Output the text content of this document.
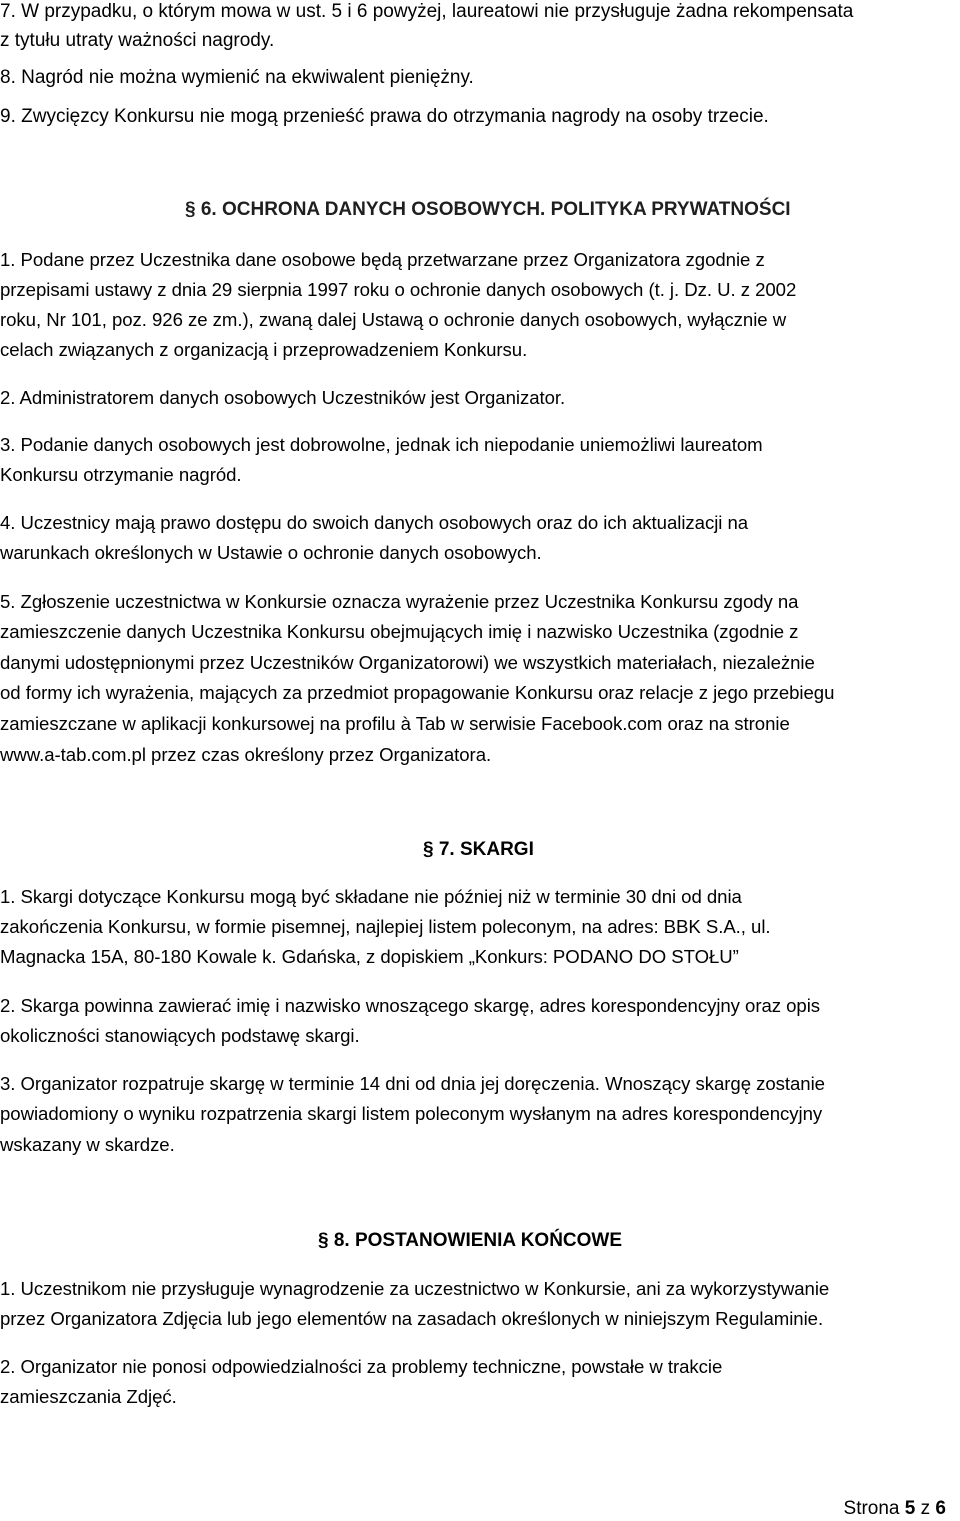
7. W przypadku, o którym mowa w ust. 5 i 6 powyżej, laureatowi nie przysługuje żadna rekompensata
z tytułu utraty ważności nagrody.
8. Nagród nie można wymienić na ekwiwalent pieniężny.
9. Zwycięzcy Konkursu nie mogą przenieść prawa do otrzymania nagrody na osoby trzecie.
§ 6. OCHRONA DANYCH OSOBOWYCH. POLITYKA PRYWATNOŚCI
1. Podane przez Uczestnika dane osobowe będą przetwarzane przez Organizatora zgodnie z
przepisami ustawy z dnia 29 sierpnia 1997 roku o ochronie danych osobowych (t. j. Dz. U. z 2002
roku, Nr 101, poz. 926 ze zm.), zwaną dalej Ustawą o ochronie danych osobowych, wyłącznie w
celach związanych z organizacją i przeprowadzeniem Konkursu.
2. Administratorem danych osobowych Uczestników jest Organizator.
3. Podanie danych osobowych jest dobrowolne, jednak ich niepodanie uniemożliwi laureatom
Konkursu otrzymanie nagród.
4. Uczestnicy mają prawo dostępu do swoich danych osobowych oraz do ich aktualizacji na
warunkach określonych w Ustawie o ochronie danych osobowych.
5. Zgłoszenie uczestnictwa w Konkursie oznacza wyrażenie przez Uczestnika Konkursu zgody na
zamieszczenie danych Uczestnika Konkursu obejmujących imię i nazwisko Uczestnika (zgodnie z
danymi udostępnionymi przez Uczestników Organizatorowi) we wszystkich materiałach, niezależnie
od formy ich wyrażenia, mających za przedmiot propagowanie Konkursu oraz relacje z jego przebiegu
zamieszczane w aplikacji konkursowej na profilu à Tab w serwisie Facebook.com oraz na stronie
www.a-tab.com.pl przez czas określony przez Organizatora.
§ 7. SKARGI
1. Skargi dotyczące Konkursu mogą być składane nie później niż w terminie 30 dni od dnia
zakończenia Konkursu, w formie pisemnej, najlepiej listem poleconym, na adres: BBK S.A., ul.
Magnacka 15A, 80-180 Kowale k. Gdańska, z dopiskiem „Konkurs: PODANO DO STOŁU”
2. Skarga powinna zawierać imię i nazwisko wnoszącego skargę, adres korespondencyjny oraz opis
okoliczności stanowiących podstawę skargi.
3. Organizator rozpatruje skargę w terminie 14 dni od dnia jej doręczenia. Wnoszący skargę zostanie
powiadomiony o wyniku rozpatrzenia skargi listem poleconym wysłanym na adres korespondencyjny
wskazany w skardze.
§ 8. POSTANOWIENIA KOŃCOWE
1. Uczestnikom nie przysługuje wynagrodzenie za uczestnictwo w Konkursie, ani za wykorzystywanie
przez Organizatora Zdjęcia lub jego elementów na zasadach określonych w niniejszym Regulaminie.
2. Organizator nie ponosi odpowiedzialności za problemy techniczne, powstałe w trakcie
zamieszczania Zdjęć.
Strona 5 z 6
